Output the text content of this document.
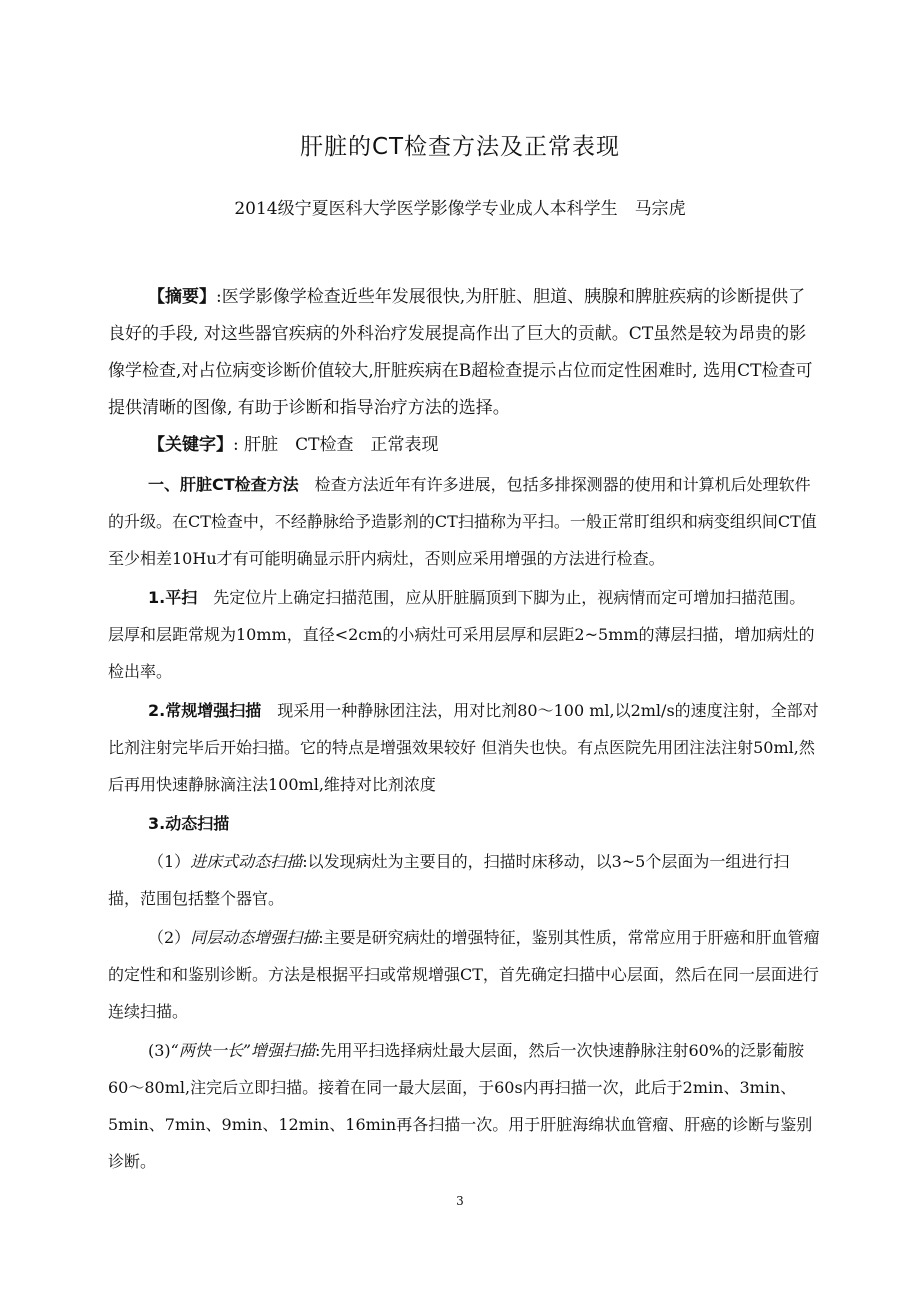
肝脏的CT检查方法及正常表现
2014级宁夏医科大学医学影像学专业成人本科学生　马宗虎

【摘要】:医学影像学检查近些年发展很快,为肝脏、胆道、胰腺和脾脏疾病的诊断提供了良好的手段, 对这些器官疾病的外科治疗发展提高作出了巨大的贡献。CT虽然是较为昂贵的影像学检查,对占位病变诊断价值较大,肝脏疾病在B超检查提示占位而定性困难时, 选用CT检查可提供清晰的图像, 有助于诊断和指导治疗方法的选择。

【关键字】: 肝脏　CT检查　正常表现

一、肝脏CT检查方法　检查方法近年有许多进展，包括多排探测器的使用和计算机后处理软件的升级。在CT检查中，不经静脉给予造影剂的CT扫描称为平扫。一般正常盯组织和病变组织间CT值至少相差10Hu才有可能明确显示肝内病灶，否则应采用增强的方法进行检查。

1.平扫　先定位片上确定扫描范围，应从肝脏膈顶到下脚为止，视病情而定可增加扫描范围。层厚和层距常规为10mm，直径<2cm的小病灶可采用层厚和层距2~5mm的薄层扫描，增加病灶的检出率。

2.常规增强扫描　现采用一种静脉团注法，用对比剂80～100 ml,以2ml/s的速度注射，全部对比剂注射完毕后开始扫描。它的特点是增强效果较好 但消失也快。有点医院先用团注法注射50ml,然后再用快速静脉滴注法100ml,维持对比剂浓度

3.动态扫描

（1）进床式动态扫描:以发现病灶为主要目的，扫描时床移动，以3~5个层面为一组进行扫描，范围包括整个器官。

（2）同层动态增强扫描:主要是研究病灶的增强特征，鉴别其性质，常常应用于肝癌和肝血管瘤的定性和和鉴别诊断。方法是根据平扫或常规增强CT，首先确定扫描中心层面，然后在同一层面进行连续扫描。

(3)“两快一长”增强扫描:先用平扫选择病灶最大层面，然后一次快速静脉注射60%的泛影葡胺60～80ml,注完后立即扫描。接着在同一最大层面，于60s内再扫描一次，此后于2min、3min、5min、7min、9min、12min、16min再各扫描一次。用于肝脏海绵状血管瘤、肝癌的诊断与鉴别诊断。

3
